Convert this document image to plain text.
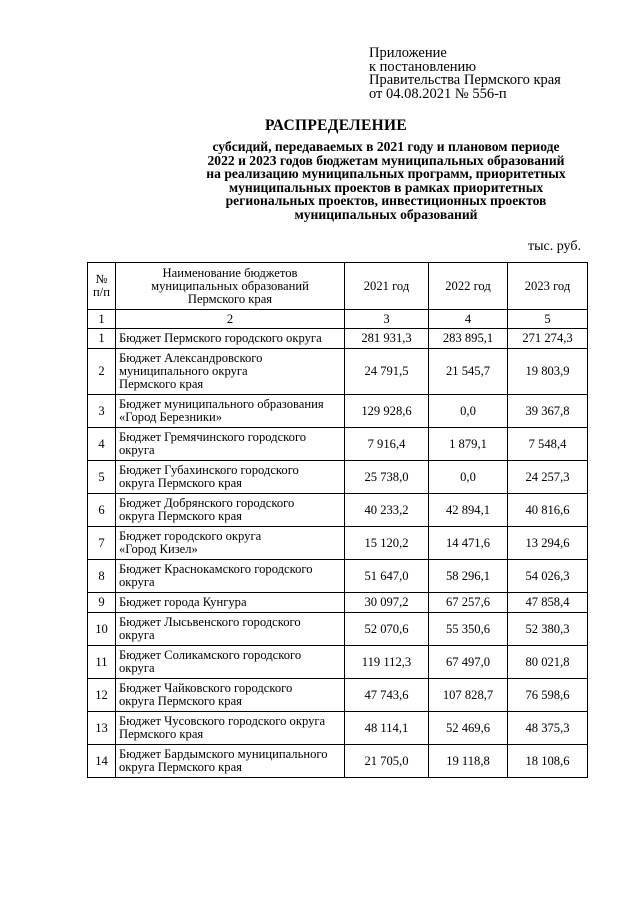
Приложение
к постановлению
Правительства Пермского края
от 04.08.2021 № 556-п
РАСПРЕДЕЛЕНИЕ
субсидий, передаваемых в 2021 году и плановом периоде
2022 и 2023 годов бюджетам муниципальных образований
на реализацию муниципальных программ, приоритетных
муниципальных проектов в рамках приоритетных
региональных проектов, инвестиционных проектов
муниципальных образований
тыс. руб.
№
п/п	Наименование бюджетов
муниципальных образований
Пермского края	2021 год	2022 год	2023 год
1	2	3	4	5
1	Бюджет Пермского городского округа	281 931,3	283 895,1	271 274,3
2	Бюджет Александровского
муниципального округа
Пермского края	24 791,5	21 545,7	19 803,9
3	Бюджет муниципального образования
«Город Березники»	129 928,6	0,0	39 367,8
4	Бюджет Гремячинского городского
округа	7 916,4	1 879,1	7 548,4
5	Бюджет Губахинского городского
округа Пермского края	25 738,0	0,0	24 257,3
6	Бюджет Добрянского городского
округа Пермского края	40 233,2	42 894,1	40 816,6
7	Бюджет городского округа
«Город Кизел»	15 120,2	14 471,6	13 294,6
8	Бюджет Краснокамского городского
округа	51 647,0	58 296,1	54 026,3
9	Бюджет города Кунгура	30 097,2	67 257,6	47 858,4
10	Бюджет Лысьвенского городского
округа	52 070,6	55 350,6	52 380,3
11	Бюджет Соликамского городского
округа	119 112,3	67 497,0	80 021,8
12	Бюджет Чайковского городского
округа Пермского края	47 743,6	107 828,7	76 598,6
13	Бюджет Чусовского городского округа
Пермского края	48 114,1	52 469,6	48 375,3
14	Бюджет Бардымского муниципального
округа Пермского края	21 705,0	19 118,8	18 108,6
